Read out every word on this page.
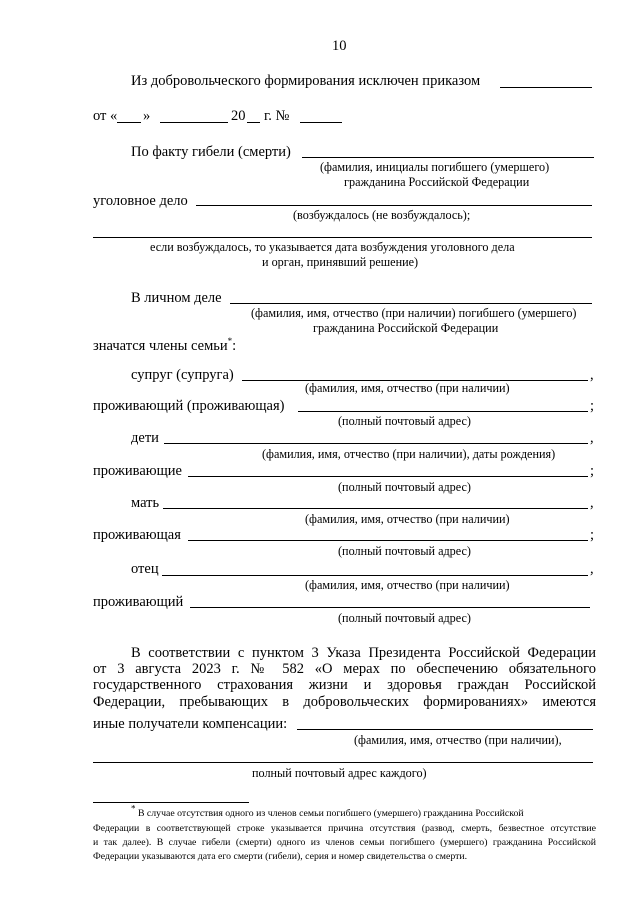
10
Из добровольческого формирования исключен приказом
от « »	20 г. №
По факту гибели (смерти)
(фамилия, инициалы погибшего (умершего)
гражданина Российской Федерации
уголовное дело
(возбуждалось (не возбуждалось);
если возбуждалось, то указывается дата возбуждения уголовного дела
и орган, принявший решение)
В личном деле
(фамилия, имя, отчество (при наличии) погибшего (умершего)
гражданина Российской Федерации
значатся члены семьи*:
супруг (супруга)	,
(фамилия, имя, отчество (при наличии)
проживающий (проживающая)	;
(полный почтовый адрес)
дети	,
(фамилия, имя, отчество (при наличии), даты рождения)
проживающие	;
(полный почтовый адрес)
мать	,
(фамилия, имя, отчество (при наличии)
проживающая	;
(полный почтовый адрес)
отец	,
(фамилия, имя, отчество (при наличии)
проживающий
(полный почтовый адрес)
В соответствии с пунктом 3 Указа Президента Российской Федерации
от 3 августа 2023 г. № 582 «О мерах по обеспечению обязательного
государственного страхования жизни и здоровья граждан Российской
Федерации, пребывающих в добровольческих формированиях» имеются
иные получатели компенсации:
(фамилия, имя, отчество (при наличии),
полный почтовый адрес каждого)
* В случае отсутствия одного из членов семьи погибшего (умершего) гражданина Российской
Федерации в соответствующей строке указывается причина отсутствия (развод, смерть, безвестное отсутствие
и так далее). В случае гибели (смерти) одного из членов семьи погибшего (умершего) гражданина Российской
Федерации указываются дата его смерти (гибели), серия и номер свидетельства о смерти.
